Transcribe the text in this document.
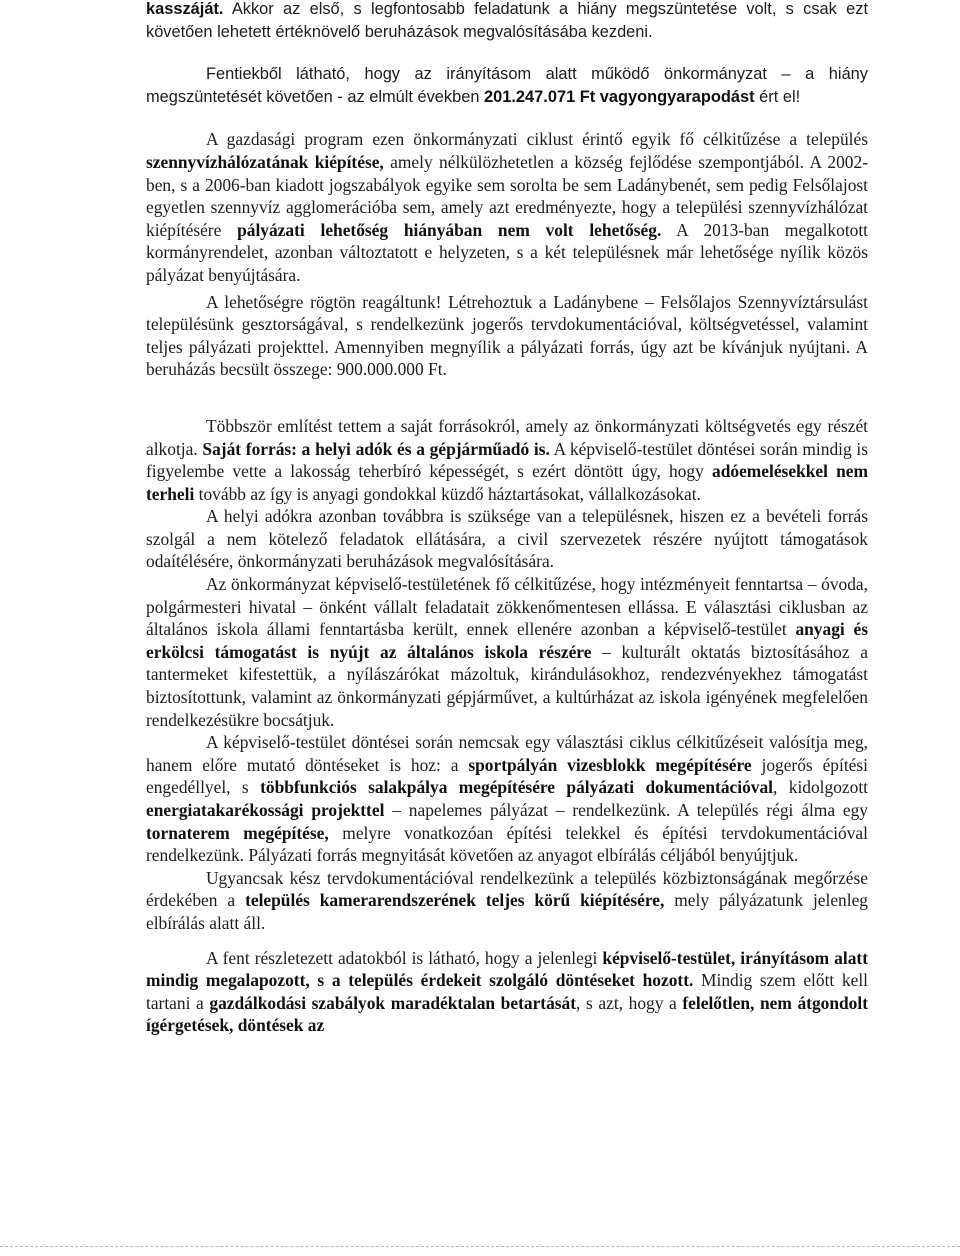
kasszáját. Akkor az első, s legfontosabb feladatunk a hiány megszüntetése volt, s csak ezt követően lehetett értéknövelő beruházások megvalósításába kezdeni.

Fentiekből látható, hogy az irányításom alatt működő önkormányzat – a hiány megszüntetését követően - az elmúlt években 201.247.071 Ft vagyongyarapodást ért el!

A gazdasági program ezen önkormányzati ciklust érintő egyik fő célkitűzése a település szennyvízhálózatának kiépítése, amely nélkülözhetetlen a község fejlődése szempontjából. A 2002-ben, s a 2006-ban kiadott jogszabályok egyike sem sorolta be sem Ladánybenét, sem pedig Felsőlajost egyetlen szennyvíz agglomerációba sem, amely azt eredményezte, hogy a települési szennyvízhálózat kiépítésére pályázati lehetőség hiányában nem volt lehetőség. A 2013-ban megalkotott kormányrendelet, azonban változtatott e helyzeten, s a két településnek már lehetősége nyílik közös pályázat benyújtására.

A lehetőségre rögtön reagáltunk! Létrehoztuk a Ladánybene – Felsőlajos Szennyvíztársulást településünk gesztorságával, s rendelkezünk jogerős tervdokumentációval, költségvetéssel, valamint teljes pályázati projekttel. Amennyiben megnyílik a pályázati forrás, úgy azt be kívánjuk nyújtani. A beruházás becsült összege: 900.000.000 Ft.

Többször említést tettem a saját forrásokról, amely az önkormányzati költségvetés egy részét alkotja. Saját forrás: a helyi adók és a gépjárműadó is. A képviselő-testület döntései során mindig is figyelembe vette a lakosság teherbíró képességét, s ezért döntött úgy, hogy adóemelésekkel nem terheli tovább az így is anyagi gondokkal küzdő háztartásokat, vállalkozásokat.

A helyi adókra azonban továbbra is szüksége van a településnek, hiszen ez a bevételi forrás szolgál a nem kötelező feladatok ellátására, a civil szervezetek részére nyújtott támogatások odaítélésére, önkormányzati beruházások megvalósítására.

Az önkormányzat képviselő-testületének fő célkitűzése, hogy intézményeit fenntartsa – óvoda, polgármesteri hivatal – önként vállalt feladatait zökkenőmentesen ellássa. E választási ciklusban az általános iskola állami fenntartásba került, ennek ellenére azonban a képviselő-testület anyagi és erkölcsi támogatást is nyújt az általános iskola részére – kulturált oktatás biztosításához a tantermeket kifestettük, a nyílászárókat mázoltuk, kirándulásokhoz, rendezvényekhez támogatást biztosítottunk, valamint az önkormányzati gépjárművet, a kultúrházat az iskola igényének megfelelően rendelkezésükre bocsátjuk.

A képviselő-testület döntései során nemcsak egy választási ciklus célkitűzéseit valósítja meg, hanem előre mutató döntéseket is hoz: a sportpályán vizesblokk megépítésére jogerős építési engedéllyel, s többfunkciós salakpálya megépítésére pályázati dokumentációval, kidolgozott energiatakarékossági projekttel – napelemes pályázat – rendelkezünk. A település régi álma egy tornaterem megépítése, melyre vonatkozóan építési telekkel és építési tervdokumentációval rendelkezünk. Pályázati forrás megnyitását követően az anyagot elbírálás céljából benyújtjuk.

Ugyancsak kész tervdokumentációval rendelkezünk a település közbiztonságának megőrzése érdekében a település kamerarendszerének teljes körű kiépítésére, mely pályázatunk jelenleg elbírálás alatt áll.

A fent részletezett adatokból is látható, hogy a jelenlegi képviselő-testület, irányításom alatt mindig megalapozott, s a település érdekeit szolgáló döntéseket hozott. Mindig szem előtt kell tartani a gazdálkodási szabályok maradéktalan betartását, s azt, hogy a felelőtlen, nem átgondolt ígérgetések, döntések az
